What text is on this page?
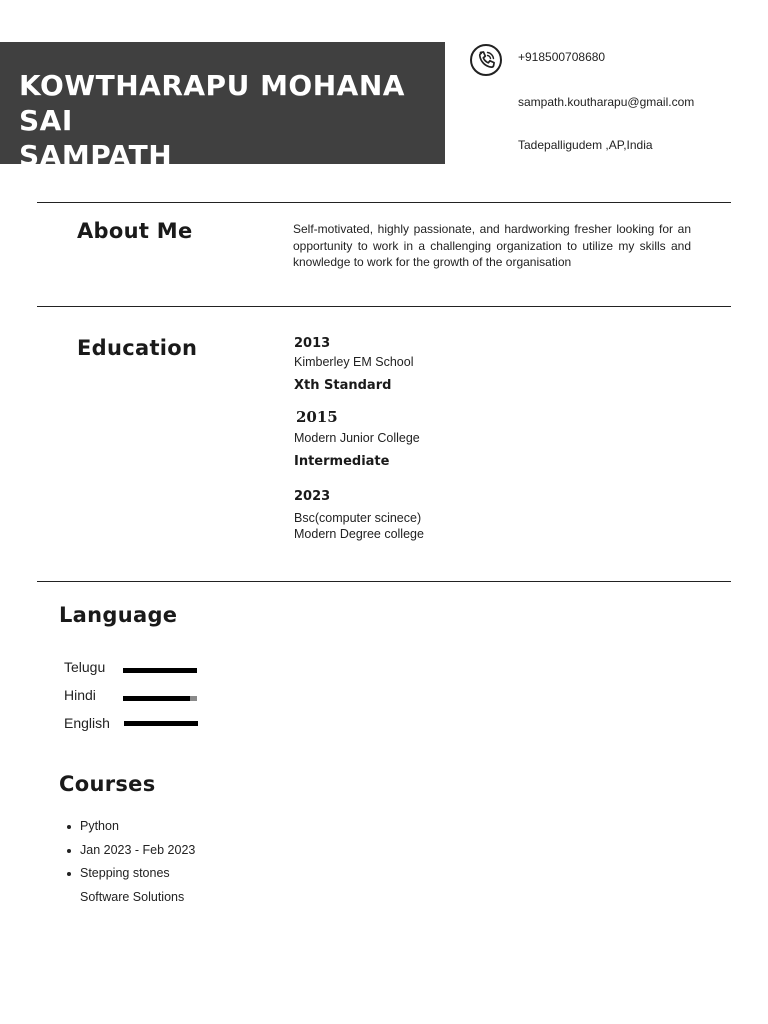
KOWTHARAPU MOHANA SAI
SAMPATH
+918500708680
sampath.koutharapu@gmail.com
Tadepalligudem ,AP,India
About Me	Self-motivated, highly passionate, and hardworking fresher looking for an opportunity to work in a challenging organization to utilize my skills and knowledge to work for the growth of the organisation
Education	2013
Kimberley EM School
Xth Standard
2015
Modern Junior College
Intermediate
2023
Bsc(computer scinece)
Modern Degree college
Language
Telugu
Hindi
English
Courses
Python
Jan 2023 - Feb 2023
Stepping stones
Software Solutions
